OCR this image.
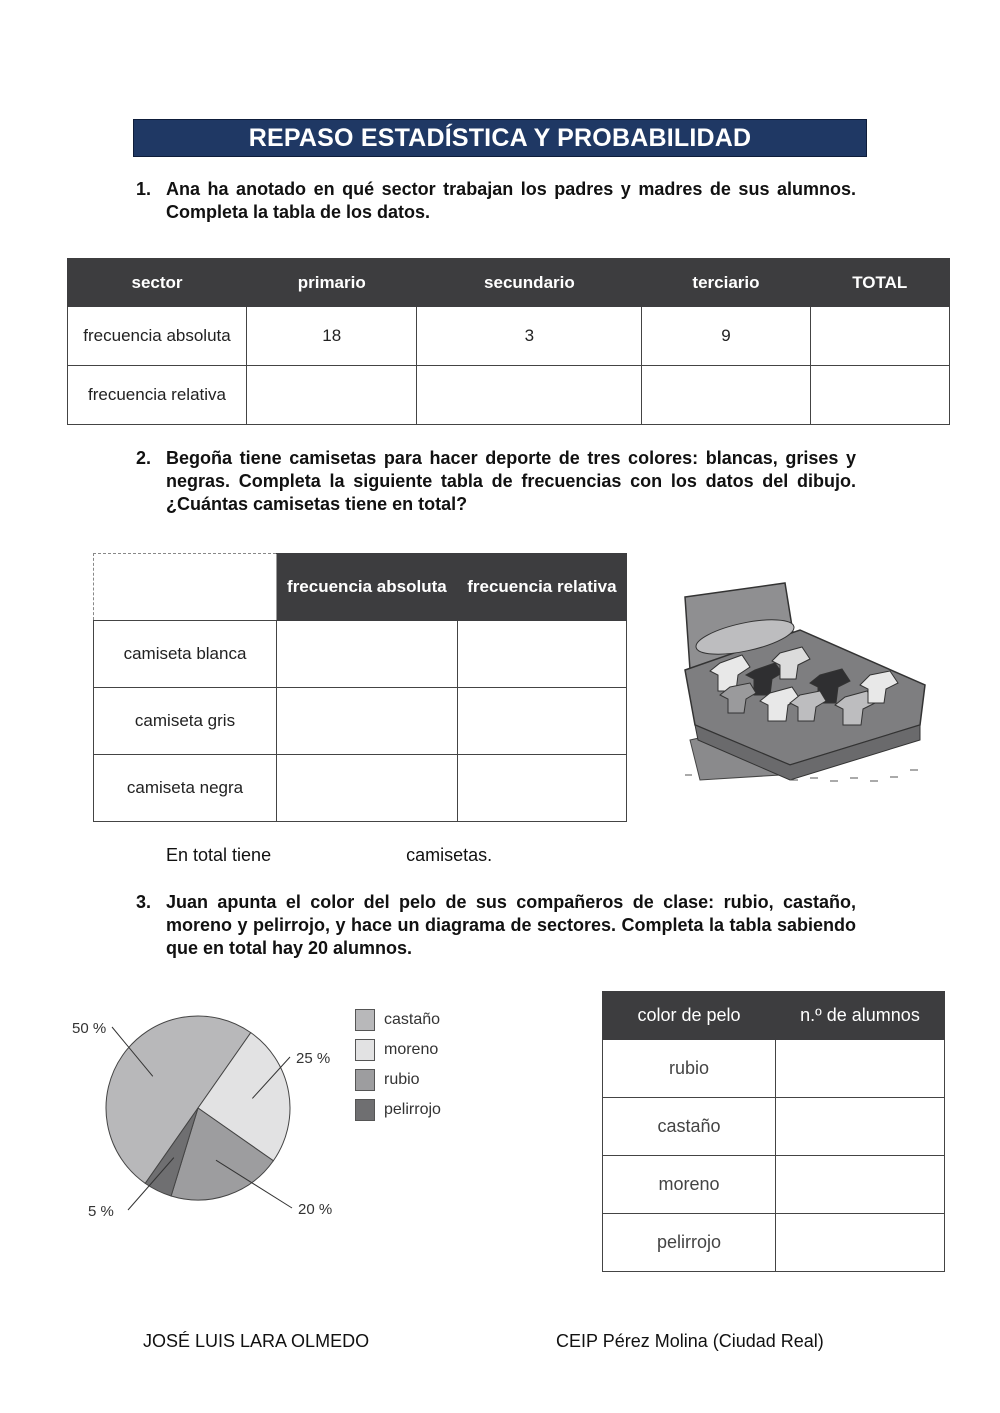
REPASO ESTADÍSTICA Y PROBABILIDAD
1. Ana ha anotado en qué sector trabajan los padres y madres de sus alumnos. Completa la tabla de los datos.
sector	primario	secundario	terciario	TOTAL
frecuencia absoluta	18	3	9	
frecuencia relativa				
2. Begoña tiene camisetas para hacer deporte de tres colores: blancas, grises y negras. Completa la siguiente tabla de frecuencias con los datos del dibujo. ¿Cuántas camisetas tiene en total?
	frecuencia absoluta	frecuencia relativa
camiseta blanca		
camiseta gris		
camiseta negra		
En total tiene	camisetas.
3. Juan apunta el color del pelo de sus compañeros de clase: rubio, castaño, moreno y pelirrojo, y hace un diagrama de sectores. Completa la tabla sabiendo que en total hay 20 alumnos.
50 %
25 %
20 %
5 %
castaño
moreno
rubio
pelirrojo
color de pelo	n.º de alumnos
rubio	
castaño	
moreno	
pelirrojo	
JOSÉ LUIS LARA OLMEDO	CEIP Pérez Molina (Ciudad Real)
